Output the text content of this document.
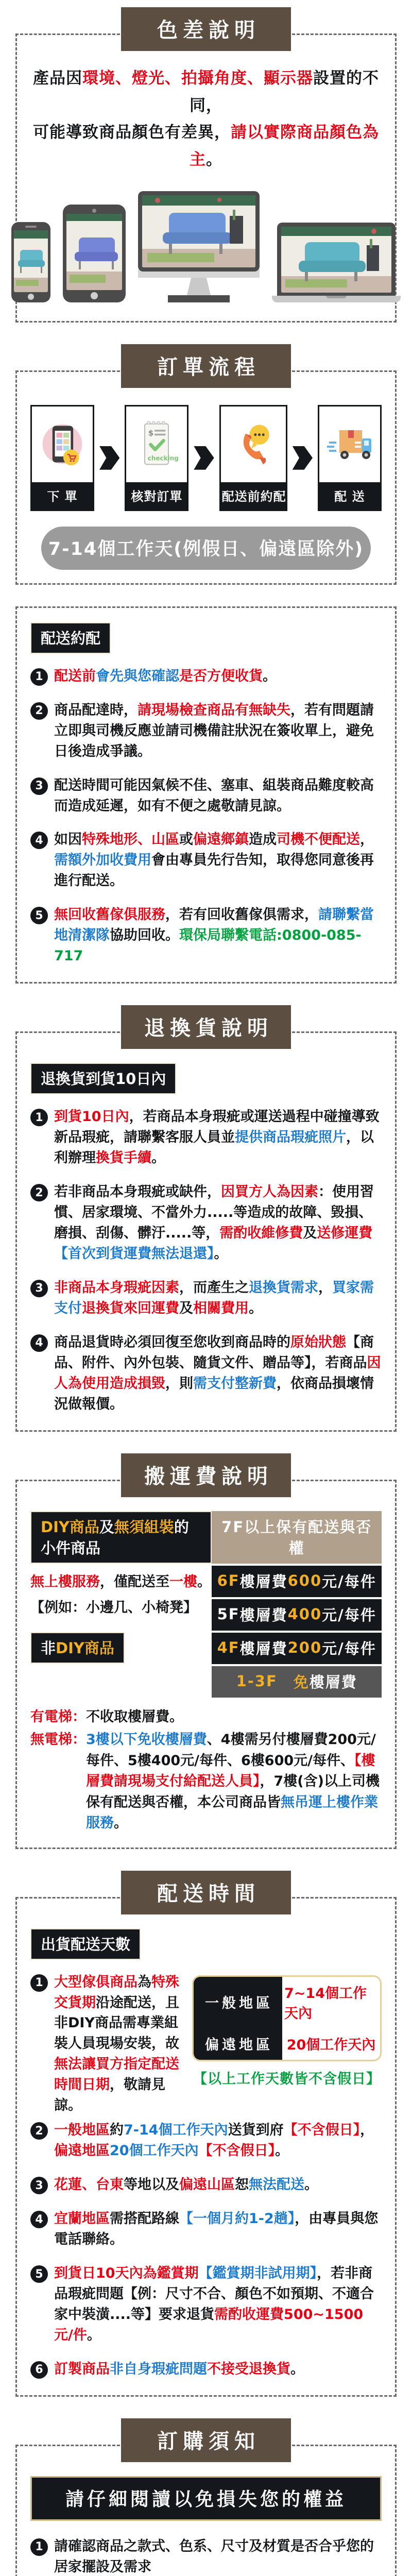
色差說明
產品因環境、燈光、拍攝角度、顯示器設置的不同，
可能導致商品顏色有差異，請以實際商品顏色為主。
訂單流程
下 單
$
checking
核對訂單	配送前約配	配 送
7-14個工作天(例假日、偏遠區除外)
配送約配
1 配送前會先與您確認是否方便收貨。
2 商品配達時，請現場檢查商品有無缺失，若有問題請立即與司機反應並請司機備註狀況在簽收單上，避免日後造成爭議。
3 配送時間可能因氣候不佳、塞車、組裝商品難度較高而造成延遲，如有不便之處敬請見諒。
4 如因特殊地形、山區或偏遠鄉鎮造成司機不便配送，需額外加收費用會由專員先行告知，取得您同意後再進行配送。
5 無回收舊傢俱服務，若有回收舊傢俱需求，請聯繫當地清潔隊協助回收。環保局聯繫電話:0800-085-717
退換貨說明
退換貨到貨10日內
1 到貨10日內，若商品本身瑕疵或運送過程中碰撞導致新品瑕疵，請聯繫客服人員並提供商品瑕疵照片，以利辦理換貨手續。
2 若非商品本身瑕疵或缺件，因買方人為因素：使用習慣、居家環境、不當外力.....等造成的故障、毀損、磨損、刮傷、髒汙.....等，需酌收維修費及送修運費【首次到貨運費無法退還】。
3 非商品本身瑕疵因素，而產生之退換貨需求，買家需支付退換貨來回運費及相關費用。
4 商品退貨時必須回復至您收到商品時的原始狀態【商品、附件、內外包裝、隨貨文件、贈品等】，若商品因人為使用造成損毀，則需支付整新費，依商品損壞情況做報價。
搬運費說明
DIY商品及無須組裝的小件商品
無上樓服務，僅配送至一樓。
【例如：小邊几、小椅凳】
非DIY商品
7F以上保有配送與否權
6F 樓層費 600 元/每件
5F 樓層費 400 元/每件
4F 樓層費 200 元/每件
1-3F 　免 樓層費
有電梯： 不收取樓層費。
無電梯： 3樓以下免收樓層費、4樓需另付樓層費200元/每件、5樓400元/每件、6樓600元/每件、【樓層費請現場支付給配送人員】，7樓(含)以上司機保有配送與否權，本公司商品皆無吊運上樓作業服務。
配送時間
出貨配送天數
1 大型傢俱商品為特殊交貨期沿途配送，且非DIY商品需專業組裝人員現場安裝，故無法讓買方指定配送時間日期，敬請見諒。
一般地區
7~14個工作天內
偏遠地區 20個工作天內
【以上工作天數皆不含假日】
2 一般地區約7-14個工作天內送貨到府【不含假日】，偏遠地區20個工作天內【不含假日】。
3 花蓮、台東等地以及偏遠山區恕無法配送。
4 宜蘭地區需搭配路線【一個月約1-2趟】，由專員與您電話聯絡。
5 到貨日10天內為鑑賞期【鑑賞期非試用期】，若非商品瑕疵問題【例：尺寸不合、顏色不如預期、不適合家中裝潢....等】要求退貨需酌收運費500~1500元/件。
6 訂製商品非自身瑕疵問題不接受退換貨。
訂購須知
請仔細閱讀以免損失您的權益
1 請確認商品之款式、色系、尺寸及材質是否合乎您的居家擺設及需求
